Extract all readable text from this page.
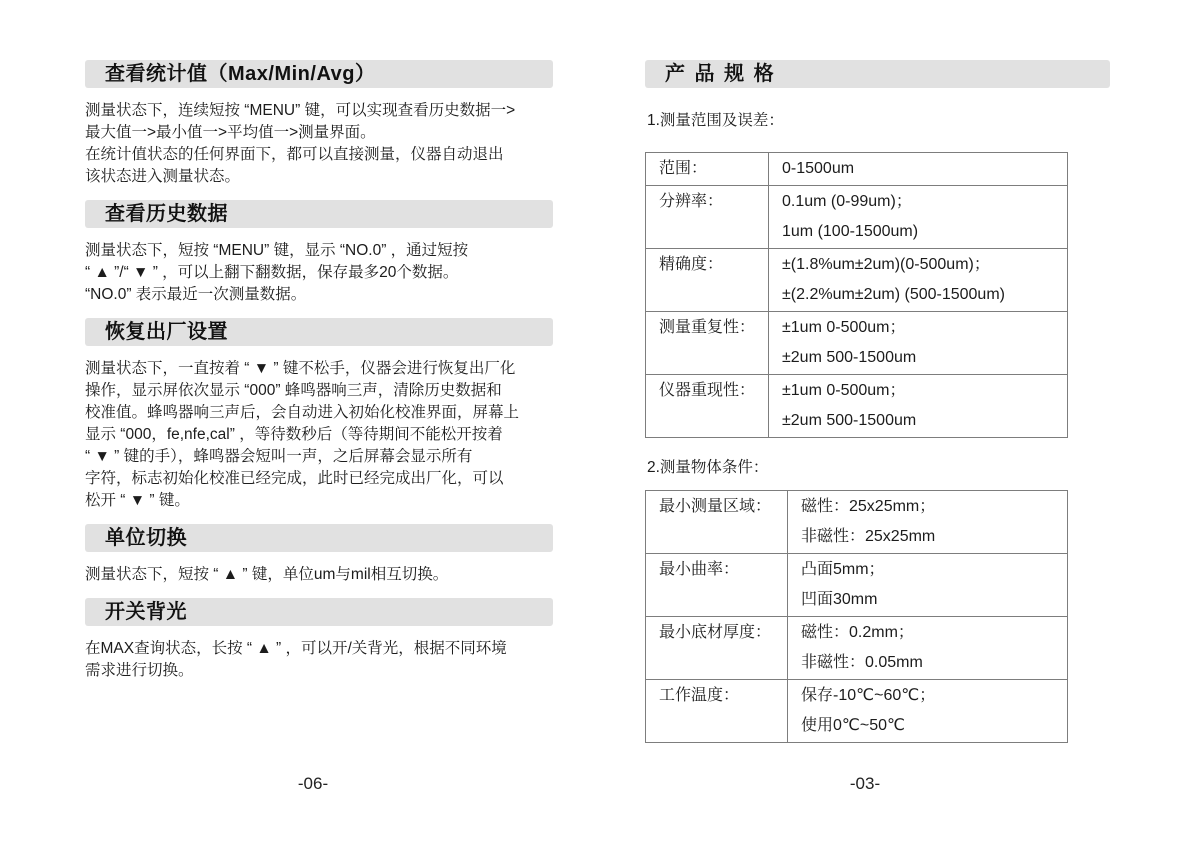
查看统计值（Max/Min/Avg）
测量状态下，连续短按 “MENU” 键，可以实现查看历史数据一>
最大值一>最小值一>平均值一>测量界面。
在统计值状态的任何界面下，都可以直接测量，仪器自动退出
该状态进入测量状态。
查看历史数据
测量状态下，短按 “MENU” 键，显示 “NO.0” ，通过短按
“ ▲ ”/“ ▼ ” ，可以上翻下翻数据，保存最多20个数据。
“NO.0” 表示最近一次测量数据。
恢复出厂设置
测量状态下，一直按着 “ ▼ ” 键不松手，仪器会进行恢复出厂化
操作，显示屏依次显示 “000” 蜂鸣器响三声，清除历史数据和
校准值。蜂鸣器响三声后，会自动进入初始化校准界面，屏幕上
显示 “000，fe,nfe,cal” ，等待数秒后（等待期间不能松开按着
“ ▼ ” 键的手），蜂鸣器会短叫一声，之后屏幕会显示所有
字符，标志初始化校准已经完成，此时已经完成出厂化，可以
松开 “ ▼ ” 键。
单位切换
测量状态下，短按 “ ▲ ” 键，单位um与mil相互切换。
开关背光
在MAX查询状态，长按 “ ▲ ” ，可以开/关背光，根据不同环境
需求进行切换。
产 品 规 格
1.测量范围及误差：
范围：	0-1500um

分辨率：	0.1um (0-99um)；
1um (100-1500um)

精确度：	±(1.8%um±2um)(0-500um)；
±(2.2%um±2um) (500-1500um)

测量重复性：	±1um 0-500um；
±2um 500-1500um

仪器重现性：	±1um 0-500um；
±2um 500-1500um
2.测量物体条件：
最小测量区域：	磁性：25x25mm；
非磁性：25x25mm

最小曲率：	凸面5mm；
凹面30mm

最小底材厚度：	磁性：0.2mm；
非磁性：0.05mm

工作温度：	保存-10℃~60℃；
使用0℃~50℃
-06-	-03-
